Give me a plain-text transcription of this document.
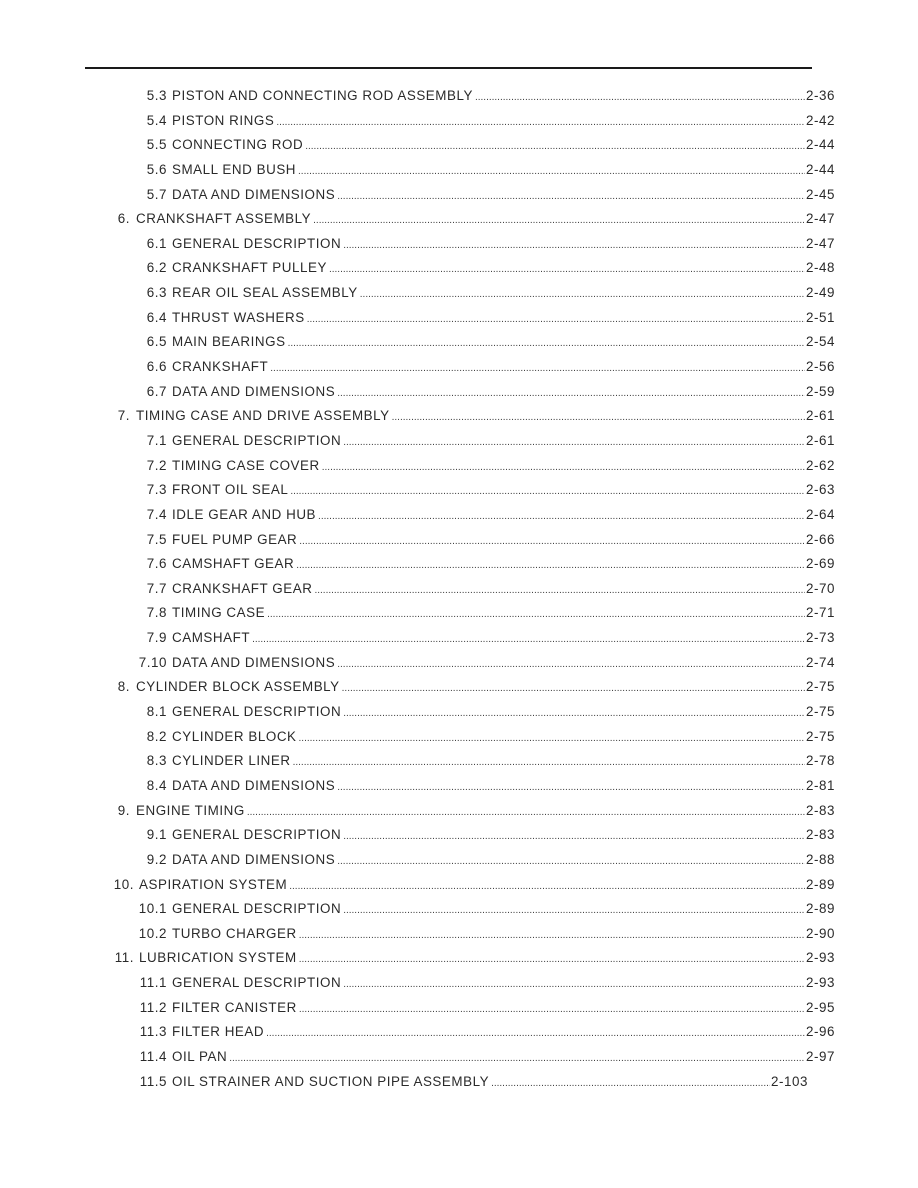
5.3 PISTON AND CONNECTING ROD ASSEMBLY .....	2-36
5.4 PISTON RINGS .....	2-42
5.5 CONNECTING ROD .....	2-44
5.6 SMALL END BUSH .....	2-44
5.7 DATA AND DIMENSIONS .....	2-45
6. CRANKSHAFT ASSEMBLY .....	2-47
6.1 GENERAL DESCRIPTION .....	2-47
6.2 CRANKSHAFT PULLEY .....	2-48
6.3 REAR OIL SEAL ASSEMBLY .....	2-49
6.4 THRUST WASHERS .....	2-51
6.5 MAIN BEARINGS .....	2-54
6.6 CRANKSHAFT .....	2-56
6.7 DATA AND DIMENSIONS .....	2-59
7. TIMING CASE AND DRIVE ASSEMBLY .....	2-61
7.1 GENERAL DESCRIPTION .....	2-61
7.2 TIMING CASE COVER .....	2-62
7.3 FRONT OIL SEAL .....	2-63
7.4 IDLE GEAR AND HUB .....	2-64
7.5 FUEL PUMP GEAR .....	2-66
7.6 CAMSHAFT GEAR .....	2-69
7.7 CRANKSHAFT GEAR .....	2-70
7.8 TIMING CASE .....	2-71
7.9 CAMSHAFT .....	2-73
7.10 DATA AND DIMENSIONS .....	2-74
8. CYLINDER BLOCK ASSEMBLY .....	2-75
8.1 GENERAL DESCRIPTION .....	2-75
8.2 CYLINDER BLOCK .....	2-75
8.3 CYLINDER LINER .....	2-78
8.4 DATA AND DIMENSIONS .....	2-81
9. ENGINE TIMING .....	2-83
9.1 GENERAL DESCRIPTION .....	2-83
9.2 DATA AND DIMENSIONS .....	2-88
10. ASPIRATION SYSTEM .....	2-89
10.1 GENERAL DESCRIPTION .....	2-89
10.2 TURBO CHARGER .....	2-90
11. LUBRICATION SYSTEM .....	2-93
11.1 GENERAL DESCRIPTION .....	2-93
11.2 FILTER CANISTER .....	2-95
11.3 FILTER HEAD .....	2-96
11.4 OIL PAN .....	2-97
11.5 OIL STRAINER AND SUCTION PIPE ASSEMBLY .....	2-103
